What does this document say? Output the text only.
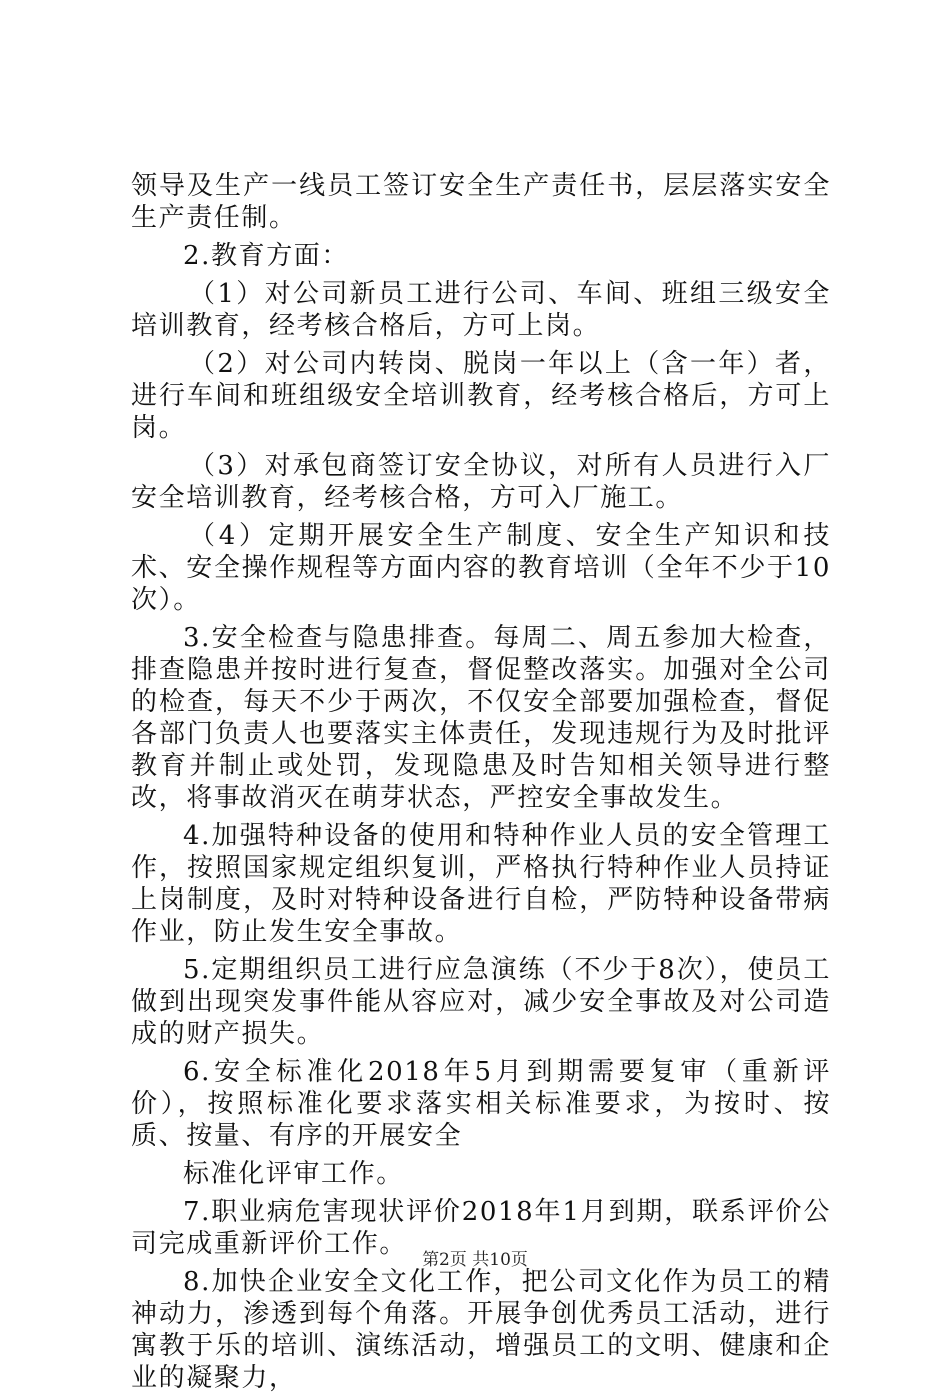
领导及生产一线员工签订安全生产责任书，层层落实安全生产责任制。

2.教育方面：

（1）对公司新员工进行公司、车间、班组三级安全培训教育，经考核合格后，方可上岗。

（2）对公司内转岗、脱岗一年以上（含一年）者，进行车间和班组级安全培训教育，经考核合格后，方可上岗。

（3）对承包商签订安全协议，对所有人员进行入厂安全培训教育，经考核合格，方可入厂施工。

（4）定期开展安全生产制度、安全生产知识和技术、安全操作规程等方面内容的教育培训（全年不少于10次）。

3.安全检查与隐患排查。每周二、周五参加大检查，排查隐患并按时进行复查，督促整改落实。加强对全公司的检查，每天不少于两次，不仅安全部要加强检查，督促各部门负责人也要落实主体责任，发现违规行为及时批评教育并制止或处罚，发现隐患及时告知相关领导进行整改，将事故消灭在萌芽状态，严控安全事故发生。

4.加强特种设备的使用和特种作业人员的安全管理工作，按照国家规定组织复训，严格执行特种作业人员持证上岗制度，及时对特种设备进行自检，严防特种设备带病作业，防止发生安全事故。

5.定期组织员工进行应急演练（不少于8次），使员工做到出现突发事件能从容应对，减少安全事故及对公司造成的财产损失。

6.安全标准化2018年5月到期需要复审（重新评价），按照标准化要求落实相关标准要求，为按时、按质、按量、有序的开展安全

标准化评审工作。

7.职业病危害现状评价2018年1月到期，联系评价公司完成重新评价工作。

8.加快企业安全文化工作，把公司文化作为员工的精神动力，渗透到每个角落。开展争创优秀员工活动，进行寓教于乐的培训、演练活动，增强员工的文明、健康和企业的凝聚力，

第2页 共10页
